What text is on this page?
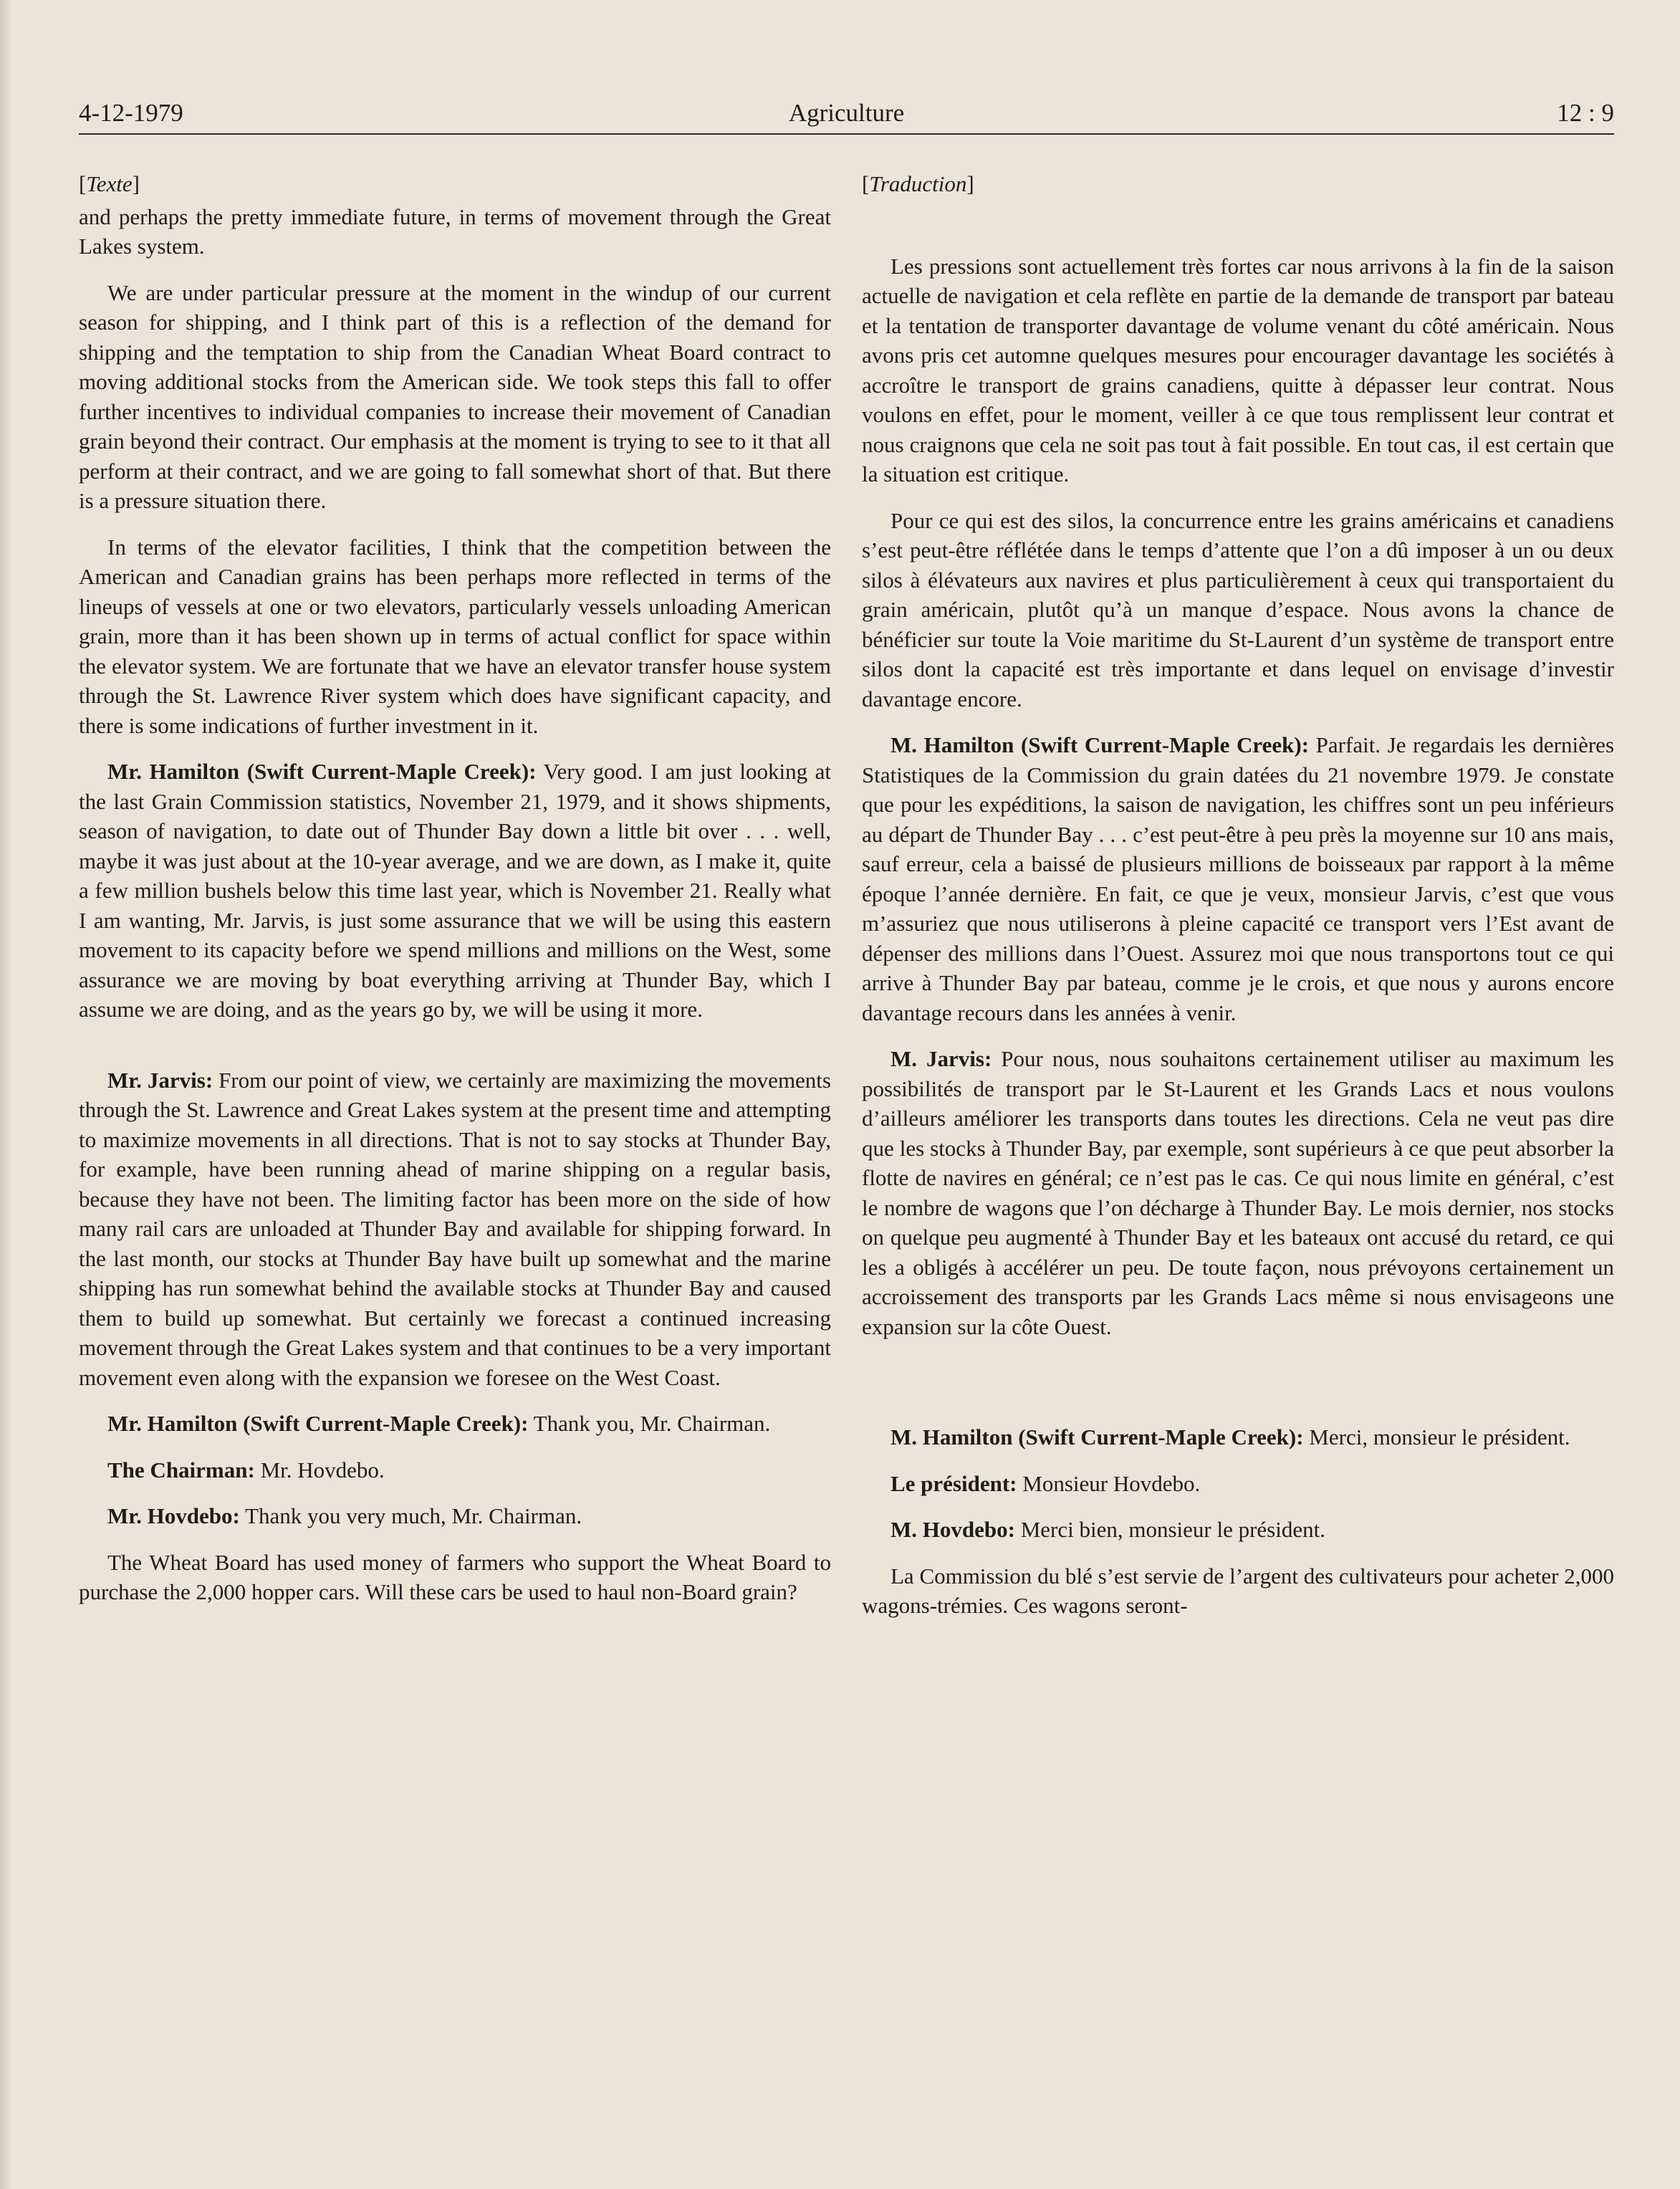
4-12-1979	Agriculture	12 : 9
[Texte]

and perhaps the pretty immediate future, in terms of movement through the Great Lakes system.

We are under particular pressure at the moment in the windup of our current season for shipping, and I think part of this is a reflection of the demand for shipping and the temptation to ship from the Canadian Wheat Board contract to moving additional stocks from the American side. We took steps this fall to offer further incentives to individual companies to increase their movement of Canadian grain beyond their contract. Our emphasis at the moment is trying to see to it that all perform at their contract, and we are going to fall somewhat short of that. But there is a pressure situation there.

In terms of the elevator facilities, I think that the competition between the American and Canadian grains has been perhaps more reflected in terms of the lineups of vessels at one or two elevators, particularly vessels unloading American grain, more than it has been shown up in terms of actual conflict for space within the elevator system. We are fortunate that we have an elevator transfer house system through the St. Lawrence River system which does have significant capacity, and there is some indications of further investment in it.

Mr. Hamilton (Swift Current-Maple Creek): Very good. I am just looking at the last Grain Commission statistics, November 21, 1979, and it shows shipments, season of navigation, to date out of Thunder Bay down a little bit over . . . well, maybe it was just about at the 10-year average, and we are down, as I make it, quite a few million bushels below this time last year, which is November 21. Really what I am wanting, Mr. Jarvis, is just some assurance that we will be using this eastern movement to its capacity before we spend millions and millions on the West, some assurance we are moving by boat everything arriving at Thunder Bay, which I assume we are doing, and as the years go by, we will be using it more.

Mr. Jarvis: From our point of view, we certainly are maximizing the movements through the St. Lawrence and Great Lakes system at the present time and attempting to maximize movements in all directions. That is not to say stocks at Thunder Bay, for example, have been running ahead of marine shipping on a regular basis, because they have not been. The limiting factor has been more on the side of how many rail cars are unloaded at Thunder Bay and available for shipping forward. In the last month, our stocks at Thunder Bay have built up somewhat and the marine shipping has run somewhat behind the available stocks at Thunder Bay and caused them to build up somewhat. But certainly we forecast a continued increasing movement through the Great Lakes system and that continues to be a very important movement even along with the expansion we foresee on the West Coast.

Mr. Hamilton (Swift Current-Maple Creek): Thank you, Mr. Chairman.

The Chairman: Mr. Hovdebo.

Mr. Hovdebo: Thank you very much, Mr. Chairman.

The Wheat Board has used money of farmers who support the Wheat Board to purchase the 2,000 hopper cars. Will these cars be used to haul non-Board grain?

[Traduction]

Les pressions sont actuellement très fortes car nous arrivons à la fin de la saison actuelle de navigation et cela reflète en partie de la demande de transport par bateau et la tentation de transporter davantage de volume venant du côté américain. Nous avons pris cet automne quelques mesures pour encourager davantage les sociétés à accroître le transport de grains canadiens, quitte à dépasser leur contrat. Nous voulons en effet, pour le moment, veiller à ce que tous remplissent leur contrat et nous craignons que cela ne soit pas tout à fait possible. En tout cas, il est certain que la situation est critique.

Pour ce qui est des silos, la concurrence entre les grains américains et canadiens s’est peut-être réflétée dans le temps d’attente que l’on a dû imposer à un ou deux silos à élévateurs aux navires et plus particulièrement à ceux qui transportaient du grain américain, plutôt qu’à un manque d’espace. Nous avons la chance de bénéficier sur toute la Voie maritime du St-Laurent d’un système de transport entre silos dont la capacité est très importante et dans lequel on envisage d’investir davantage encore.

M. Hamilton (Swift Current-Maple Creek): Parfait. Je regardais les dernières Statistiques de la Commission du grain datées du 21 novembre 1979. Je constate que pour les expéditions, la saison de navigation, les chiffres sont un peu inférieurs au départ de Thunder Bay . . . c’est peut-être à peu près la moyenne sur 10 ans mais, sauf erreur, cela a baissé de plusieurs millions de boisseaux par rapport à la même époque l’année dernière. En fait, ce que je veux, monsieur Jarvis, c’est que vous m’assuriez que nous utiliserons à pleine capacité ce transport vers l’Est avant de dépenser des millions dans l’Ouest. Assurez moi que nous transportons tout ce qui arrive à Thunder Bay par bateau, comme je le crois, et que nous y aurons encore davantage recours dans les années à venir.

M. Jarvis: Pour nous, nous souhaitons certainement utiliser au maximum les possibilités de transport par le St-Laurent et les Grands Lacs et nous voulons d’ailleurs améliorer les transports dans toutes les directions. Cela ne veut pas dire que les stocks à Thunder Bay, par exemple, sont supérieurs à ce que peut absorber la flotte de navires en général; ce n’est pas le cas. Ce qui nous limite en général, c’est le nombre de wagons que l’on décharge à Thunder Bay. Le mois dernier, nos stocks on quelque peu augmenté à Thunder Bay et les bateaux ont accusé du retard, ce qui les a obligés à accélérer un peu. De toute façon, nous prévoyons certainement un accroissement des transports par les Grands Lacs même si nous envisageons une expansion sur la côte Ouest.

M. Hamilton (Swift Current-Maple Creek): Merci, monsieur le président.

Le président: Monsieur Hovdebo.

M. Hovdebo: Merci bien, monsieur le président.

La Commission du blé s’est servie de l’argent des cultivateurs pour acheter 2,000 wagons-trémies. Ces wagons seront-
